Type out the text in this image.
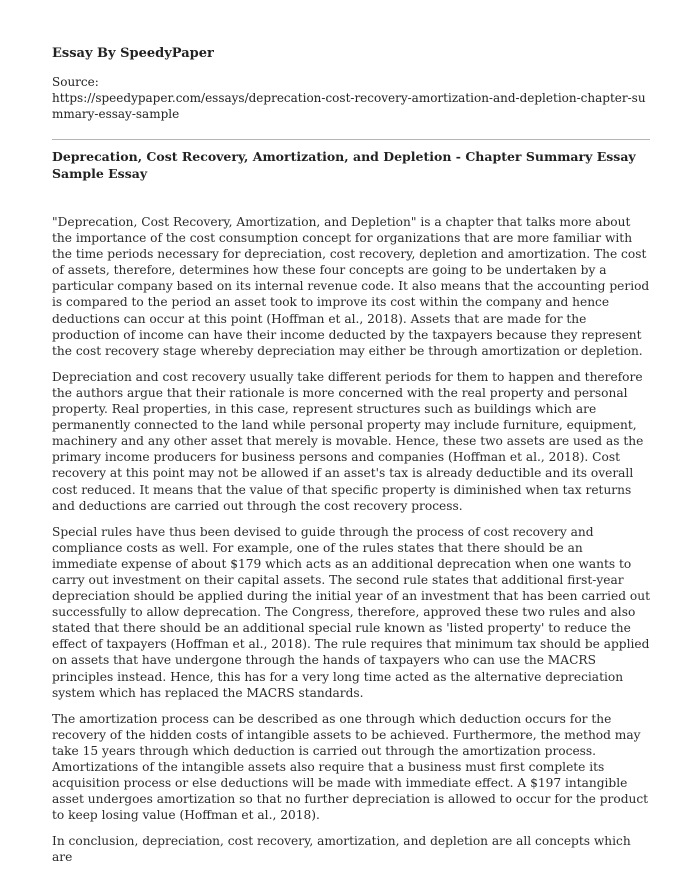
Essay By SpeedyPaper
Source:
https://speedypaper.com/essays/deprecation-cost-recovery-amortization-and-depletion-chapter-summary-essay-sample
Deprecation, Cost Recovery, Amortization, and Depletion - Chapter Summary Essay Sample Essay

"Deprecation, Cost Recovery, Amortization, and Depletion" is a chapter that talks more about the importance of the cost consumption concept for organizations that are more familiar with the time periods necessary for depreciation, cost recovery, depletion and amortization. The cost of assets, therefore, determines how these four concepts are going to be undertaken by a particular company based on its internal revenue code. It also means that the accounting period is compared to the period an asset took to improve its cost within the company and hence deductions can occur at this point (Hoffman et al., 2018). Assets that are made for the production of income can have their income deducted by the taxpayers because they represent the cost recovery stage whereby depreciation may either be through amortization or depletion.

Depreciation and cost recovery usually take different periods for them to happen and therefore the authors argue that their rationale is more concerned with the real property and personal property. Real properties, in this case, represent structures such as buildings which are permanently connected to the land while personal property may include furniture, equipment, machinery and any other asset that merely is movable. Hence, these two assets are used as the primary income producers for business persons and companies (Hoffman et al., 2018). Cost recovery at this point may not be allowed if an asset's tax is already deductible and its overall cost reduced. It means that the value of that specific property is diminished when tax returns and deductions are carried out through the cost recovery process.

Special rules have thus been devised to guide through the process of cost recovery and compliance costs as well. For example, one of the rules states that there should be an immediate expense of about $179 which acts as an additional deprecation when one wants to carry out investment on their capital assets. The second rule states that additional first-year depreciation should be applied during the initial year of an investment that has been carried out successfully to allow deprecation. The Congress, therefore, approved these two rules and also stated that there should be an additional special rule known as 'listed property' to reduce the effect of taxpayers (Hoffman et al., 2018). The rule requires that minimum tax should be applied on assets that have undergone through the hands of taxpayers who can use the MACRS principles instead. Hence, this has for a very long time acted as the alternative depreciation system which has replaced the MACRS standards.

The amortization process can be described as one through which deduction occurs for the recovery of the hidden costs of intangible assets to be achieved. Furthermore, the method may take 15 years through which deduction is carried out through the amortization process. Amortizations of the intangible assets also require that a business must first complete its acquisition process or else deductions will be made with immediate effect. A $197 intangible asset undergoes amortization so that no further depreciation is allowed to occur for the product to keep losing value (Hoffman et al., 2018).

In conclusion, depreciation, cost recovery, amortization, and depletion are all concepts which are
